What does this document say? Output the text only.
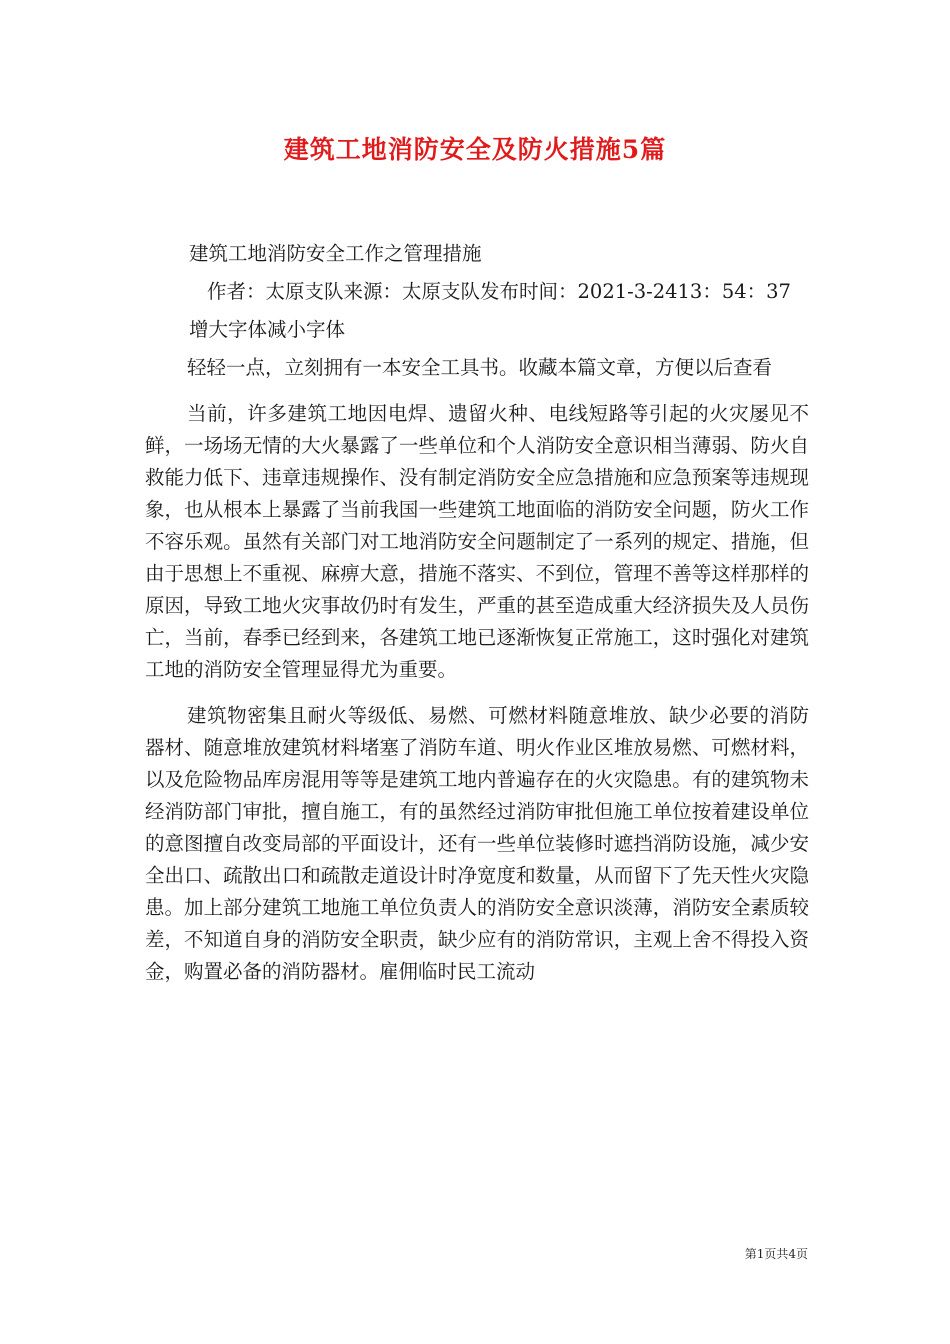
建筑工地消防安全及防火措施5篇

建筑工地消防安全工作之管理措施

作者：太原支队来源：太原支队发布时间：2021-3-2413：54：37

增大字体减小字体

轻轻一点，立刻拥有一本安全工具书。收藏本篇文章，方便以后查看

当前，许多建筑工地因电焊、遗留火种、电线短路等引起的火灾屡见不鲜，一场场无情的大火暴露了一些单位和个人消防安全意识相当薄弱、防火自救能力低下、违章违规操作、没有制定消防安全应急措施和应急预案等违规现象，也从根本上暴露了当前我国一些建筑工地面临的消防安全问题，防火工作不容乐观。虽然有关部门对工地消防安全问题制定了一系列的规定、措施，但由于思想上不重视、麻痹大意，措施不落实、不到位，管理不善等这样那样的原因，导致工地火灾事故仍时有发生，严重的甚至造成重大经济损失及人员伤亡，当前，春季已经到来，各建筑工地已逐渐恢复正常施工，这时强化对建筑工地的消防安全管理显得尤为重要。

建筑物密集且耐火等级低、易燃、可燃材料随意堆放、缺少必要的消防器材、随意堆放建筑材料堵塞了消防车道、明火作业区堆放易燃、可燃材料，以及危险物品库房混用等等是建筑工地内普遍存在的火灾隐患。有的建筑物未经消防部门审批，擅自施工，有的虽然经过消防审批但施工单位按着建设单位的意图擅自改变局部的平面设计，还有一些单位装修时遮挡消防设施，减少安全出口、疏散出口和疏散走道设计时净宽度和数量，从而留下了先天性火灾隐患。加上部分建筑工地施工单位负责人的消防安全意识淡薄，消防安全素质较差，不知道自身的消防安全职责，缺少应有的消防常识，主观上舍不得投入资金，购置必备的消防器材。雇佣临时民工流动

第1页共4页
